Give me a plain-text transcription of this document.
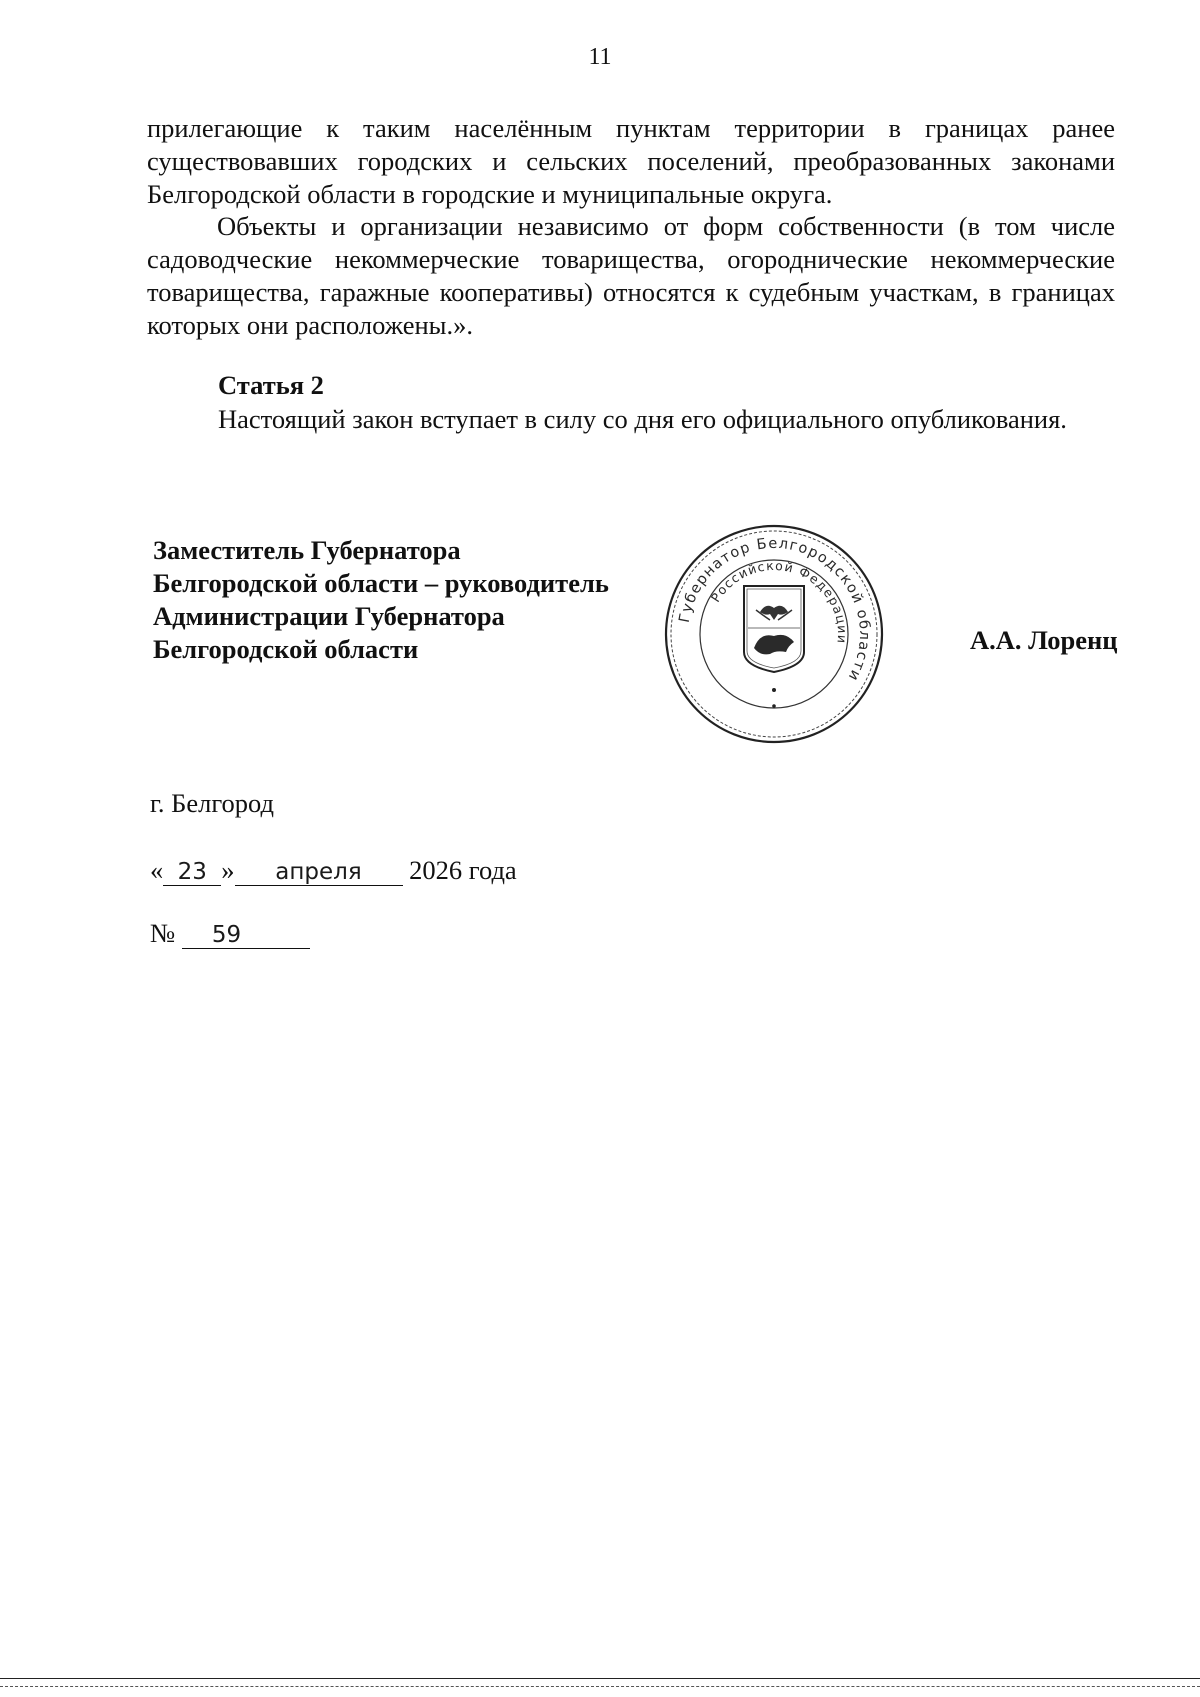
11
прилегающие к таким населённым пунктам территории в границах ранее существовавших городских и сельских поселений, преобразованных законами Белгородской области в городские и муниципальные округа.
Объекты и организации независимо от форм собственности (в том числе садоводческие некоммерческие товарищества, огороднические некоммерческие товарищества, гаражные кооперативы) относятся к судебным участкам, в границах которых они расположены.».
Статья 2
Настоящий закон вступает в силу со дня его официального опубликования.
Заместитель Губернатора
Белгородской области – руководитель
Администрации Губернатора
Белгородской области
Губернатор Белгородской области
Российской Федерации	А.А. Лоренц
г. Белгород
« 23 » апреля 2026 года
№ 59
